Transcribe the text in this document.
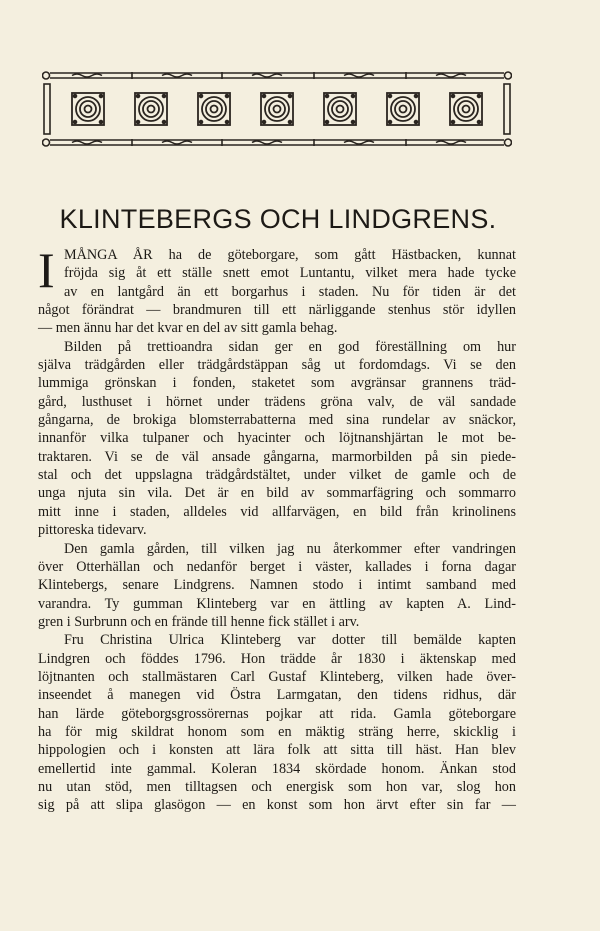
KLINTEBERGS OCH LINDGRENS.
I MÅNGA ÅR ha de göteborgare, som gått Hästbacken, kunnat
fröjda sig åt ett ställe snett emot Luntantu, vilket mera hade tycke
av en lantgård än ett borgarhus i staden. Nu för tiden är det
något förändrat — brandmuren till ett närliggande stenhus stör idyllen
— men ännu har det kvar en del av sitt gamla behag.
Bilden på trettioandra sidan ger en god föreställning om hur
själva trädgården eller trädgårdstäppan såg ut fordomdags. Vi se den
lummiga grönskan i fonden, staketet som avgränsar grannens träd-
gård, lusthuset i hörnet under trädens gröna valv, de väl sandade
gångarna, de brokiga blomsterrabatterna med sina rundelar av snäckor,
innanför vilka tulpaner och hyacinter och löjtnanshjärtan le mot be-
traktaren. Vi se de väl ansade gångarna, marmorbilden på sin piede-
stal och det uppslagna trädgårdstältet, under vilket de gamle och de
unga njuta sin vila. Det är en bild av sommarfägring och sommarro
mitt inne i staden, alldeles vid allfarvägen, en bild från krinolinens
pittoreska tidevarv.
Den gamla gården, till vilken jag nu återkommer efter vandringen
över Otterhällan och nedanför berget i väster, kallades i forna dagar
Klintebergs, senare Lindgrens. Namnen stodo i intimt samband med
varandra. Ty gumman Klinteberg var en ättling av kapten A. Lind-
gren i Surbrunn och en frände till henne fick stället i arv.
Fru Christina Ulrica Klinteberg var dotter till bemälde kapten
Lindgren och föddes 1796. Hon trädde år 1830 i äktenskap med
löjtnanten och stallmästaren Carl Gustaf Klinteberg, vilken hade över-
inseendet å manegen vid Östra Larmgatan, den tidens ridhus, där
han lärde göteborgsgrossörernas pojkar att rida. Gamla göteborgare
ha för mig skildrat honom som en mäktig sträng herre, skicklig i
hippologien och i konsten att lära folk att sitta till häst. Han blev
emellertid inte gammal. Koleran 1834 skördade honom. Änkan stod
nu utan stöd, men tilltagsen och energisk som hon var, slog hon
sig på att slipa glasögon — en konst som hon ärvt efter sin far —
